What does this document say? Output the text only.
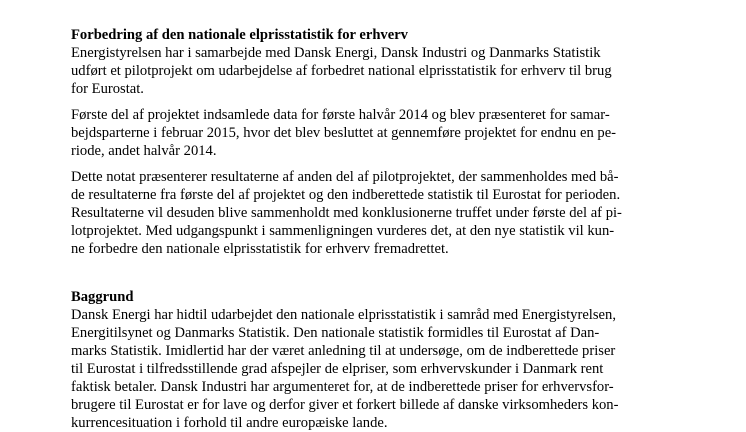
Forbedring af den nationale elprisstatistik for erhverv
Energistyrelsen har i samarbejde med Dansk Energi, Dansk Industri og Danmarks Statistik
udført et pilotprojekt om udarbejdelse af forbedret national elprisstatistik for erhverv til brug
for Eurostat.
Første del af projektet indsamlede data for første halvår 2014 og blev præsenteret for samar-
bejdsparterne i februar 2015, hvor det blev besluttet at gennemføre projektet for endnu en pe-
riode, andet halvår 2014.
Dette notat præsenterer resultaterne af anden del af pilotprojektet, der sammenholdes med bå-
de resultaterne fra første del af projektet og den indberettede statistik til Eurostat for perioden.
Resultaterne vil desuden blive sammenholdt med konklusionerne truffet under første del af pi-
lotprojektet. Med udgangspunkt i sammenligningen vurderes det, at den nye statistik vil kun-
ne forbedre den nationale elprisstatistik for erhverv fremadrettet.
Baggrund
Dansk Energi har hidtil udarbejdet den nationale elprisstatistik i samråd med Energistyrelsen,
Energitilsynet og Danmarks Statistik. Den nationale statistik formidles til Eurostat af Dan-
marks Statistik. Imidlertid har der været anledning til at undersøge, om de indberettede priser
til Eurostat i tilfredsstillende grad afspejler de elpriser, som erhvervskunder i Danmark rent
faktisk betaler. Dansk Industri har argumenteret for, at de indberettede priser for erhvervsfor-
brugere til Eurostat er for lave og derfor giver et forkert billede af danske virksomheders kon-
kurrencesituation i forhold til andre europæiske lande.
